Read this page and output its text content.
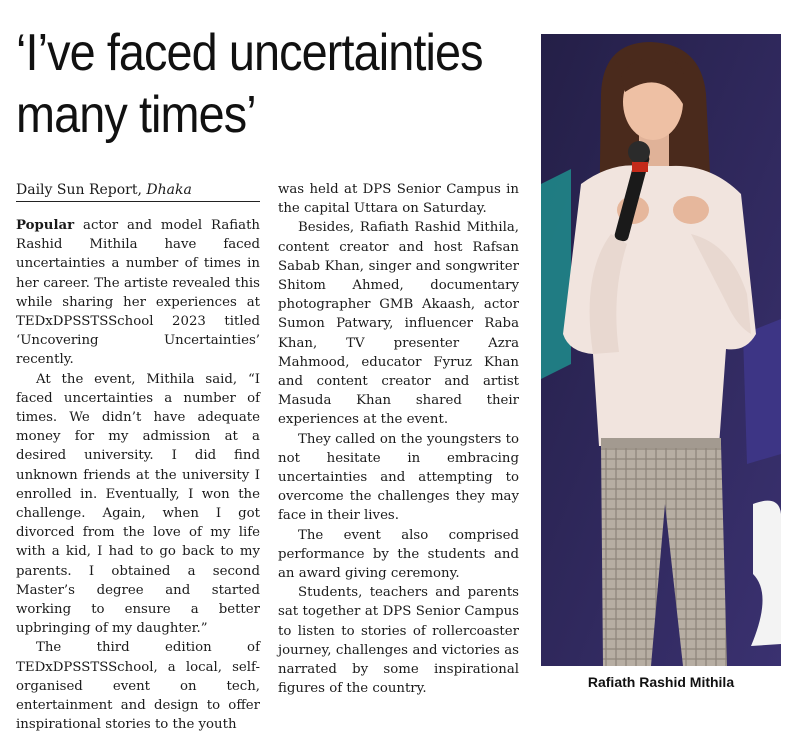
‘I’ve faced uncertainties
many times’
Daily Sun Report, Dhaka

Popular actor and model Rafiath Rashid Mithila have faced uncertainties a number of times in her career. The artiste revealed this while sharing her experiences at TEDxDPSSTSSchool 2023 titled ‘Uncovering Uncertainties’ recently.

At the event, Mithila said, “I faced uncertainties a number of times. We didn’t have adequate money for my admission at a desired university. I did find unknown friends at the university I enrolled in. Eventually, I won the challenge. Again, when I got divorced from the love of my life with a kid, I had to go back to my parents. I obtained a second Master’s degree and started working to ensure a better upbringing of my daughter.”

The third edition of TEDxDPSSTSSchool, a local, self-organised event on tech, entertainment and design to offer inspirational stories to the youth

was held at DPS Senior Campus in the capital Uttara on Saturday.

Besides, Rafiath Rashid Mithila, content creator and host Rafsan Sabab Khan, singer and songwriter Shitom Ahmed, documentary photographer GMB Akaash, actor Sumon Patwary, influencer Raba Khan, TV presenter Azra Mahmood, educator Fyruz Khan and content creator and artist Masuda Khan shared their experiences at the event.

They called on the youngsters to not hesitate in embracing uncertainties and attempting to overcome the challenges they may face in their lives.

The event also comprised performance by the students and an award giving ceremony.

Students, teachers and parents sat together at DPS Senior Campus to listen to stories of rollercoaster journey, challenges and victories as narrated by some inspirational figures of the country.	Rafiath Rashid Mithila
